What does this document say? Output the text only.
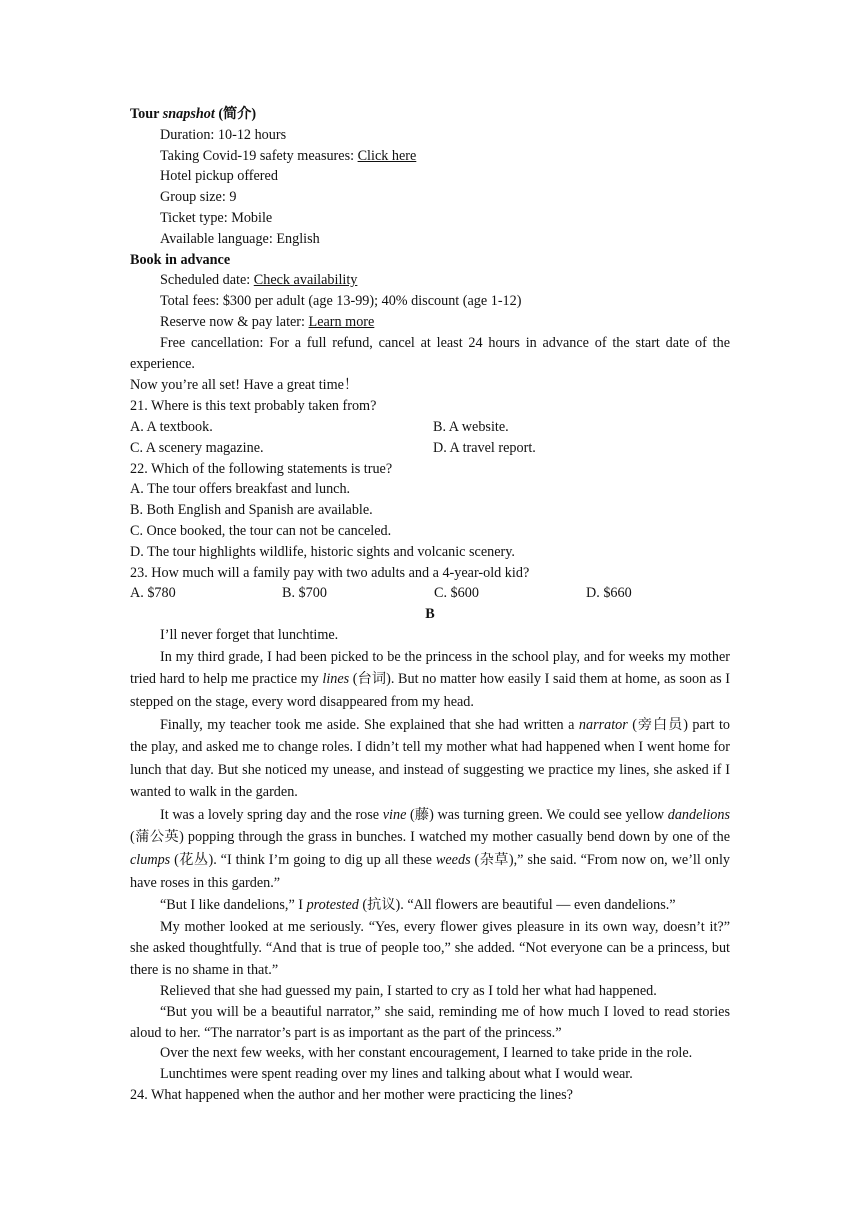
Tour snapshot (简介)
Duration: 10-12 hours
Taking Covid-19 safety measures: Click here
Hotel pickup offered
Group size: 9
Ticket type: Mobile
Available language: English
Book in advance
Scheduled date: Check availability
Total fees: $300 per adult (age 13-99); 40% discount (age 1-12)
Reserve now & pay later: Learn more
Free cancellation: For a full refund, cancel at least 24 hours in advance of the start date of the experience.
Now you’re all set! Have a great time！
21. Where is this text probably taken from?
A. A textbook.	B. A website.
C. A scenery magazine.	D. A travel report.
22. Which of the following statements is true?
A. The tour offers breakfast and lunch.
B. Both English and Spanish are available.
C. Once booked, the tour can not be canceled.
D. The tour highlights wildlife, historic sights and volcanic scenery.
23. How much will a family pay with two adults and a 4-year-old kid?
A. $780	B. $700	C. $600	D. $660
B
I’ll never forget that lunchtime.
In my third grade, I had been picked to be the princess in the school play, and for weeks my mother tried hard to help me practice my lines (台词). But no matter how easily I said them at home, as soon as I stepped on the stage, every word disappeared from my head.
Finally, my teacher took me aside. She explained that she had written a narrator (旁白员) part to the play, and asked me to change roles. I didn’t tell my mother what had happened when I went home for lunch that day. But she noticed my unease, and instead of suggesting we practice my lines, she asked if I wanted to walk in the garden.
It was a lovely spring day and the rose vine (藤) was turning green. We could see yellow dandelions (蒲公英) popping through the grass in bunches. I watched my mother casually bend down by one of the clumps (花丛). “I think I’m going to dig up all these weeds (杂草),” she said. “From now on, we’ll only have roses in this garden.”
“But I like dandelions,” I protested (抗议). “All flowers are beautiful — even dandelions.”
My mother looked at me seriously. “Yes, every flower gives pleasure in its own way, doesn’t it?” she asked thoughtfully. “And that is true of people too,” she added. “Not everyone can be a princess, but there is no shame in that.”
Relieved that she had guessed my pain, I started to cry as I told her what had happened.
“But you will be a beautiful narrator,” she said, reminding me of how much I loved to read stories aloud to her. “The narrator’s part is as important as the part of the princess.”
Over the next few weeks, with her constant encouragement, I learned to take pride in the role.
Lunchtimes were spent reading over my lines and talking about what I would wear.
24. What happened when the author and her mother were practicing the lines?
